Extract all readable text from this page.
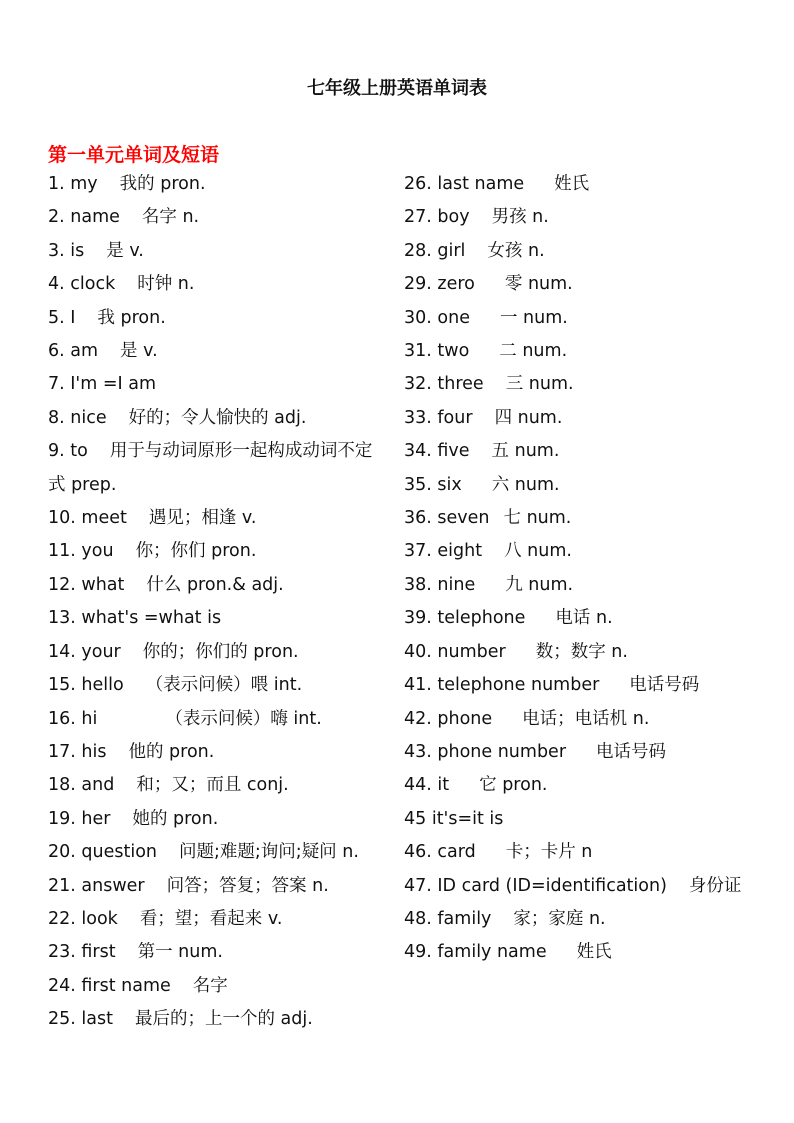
七年级上册英语单词表
第一单元单词及短语
1. my 我的 pron.
2. name 名字 n.
3. is 是 v.
4. clock 时钟 n.
5. I 我 pron.
6. am 是 v.
7. I'm =I am
8. nice 好的；令人愉快的 adj.
9. to 用于与动词原形一起构成动词不定式 prep.
10. meet 遇见；相逢 v.
11. you 你；你们 pron.
12. what 什么 pron.& adj.
13. what's =what is
14. your 你的；你们的 pron.
15. hello （表示问候）喂 int.
16. hi	（表示问候）嗨 int.
17. his 他的 pron.
18. and 和；又；而且 conj.
19. her 她的 pron.
20. question 问题;难题;询问;疑问 n.
21. answer 问答；答复；答案 n.
22. look 看；望；看起来 v.
23. first 第一 num.
24. first name 名字
25. last 最后的；上一个的 adj.
26. last name 姓氏
27. boy 男孩 n.
28. girl 女孩 n.
29. zero 零 num.
30. one 一 num.
31. two 二 num.
32. three 三 num.
33. four 四 num.
34. five 五 num.
35. six 六 num.
36. seven 七 num.
37. eight 八 num.
38. nine 九 num.
39. telephone 电话 n.
40. number 数；数字 n.
41. telephone number 电话号码
42. phone 电话；电话机 n.
43. phone number 电话号码
44. it 它 pron.
45 it's=it is
46. card 卡；卡片 n
47. ID card (ID=identification) 身份证
48. family 家；家庭 n.
49. family name 姓氏
